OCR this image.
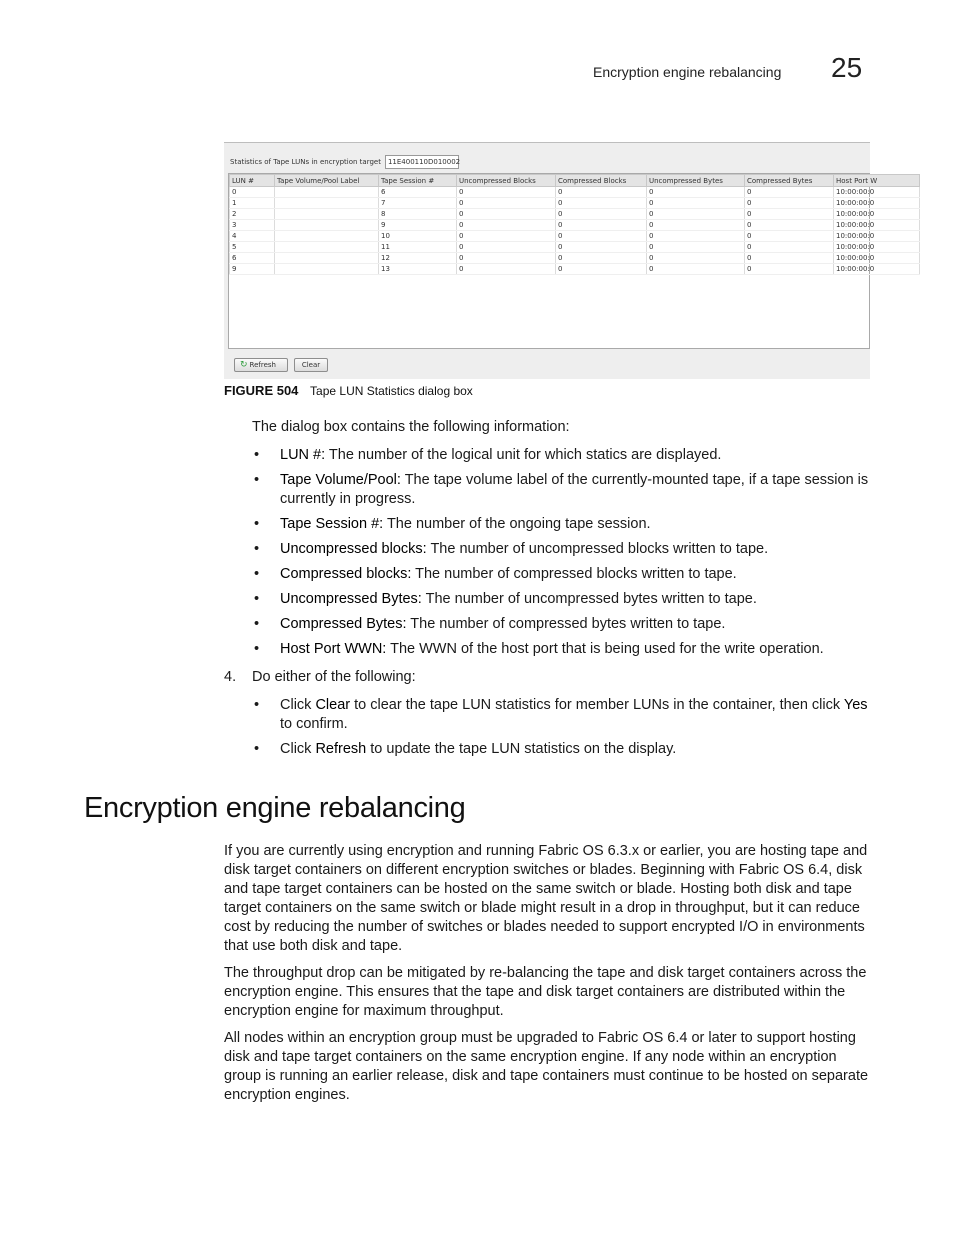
Encryption engine rebalancing 25
Statistics of Tape LUNs in encryption target	11E400110D010002
LUN #	Tape Volume/Pool Label	Tape Session #	Uncompressed Blocks	Compressed Blocks	Uncompressed Bytes	Compressed Bytes	Host Port W
0		6	0	0	0	0	10:00:00:0
1		7	0	0	0	0	10:00:00:0
2		8	0	0	0	0	10:00:00:0
3		9	0	0	0	0	10:00:00:0
4		10	0	0	0	0	10:00:00:0
5		11	0	0	0	0	10:00:00:0
6		12	0	0	0	0	10:00:00:0
9		13	0	0	0	0	10:00:00:0
↻ Refresh	Clear
FIGURE 504 Tape LUN Statistics dialog box
The dialog box contains the following information:
• LUN #: The number of the logical unit for which statics are displayed.
• Tape Volume/Pool: The tape volume label of the currently-mounted tape, if a tape session is currently in progress.
• Tape Session #: The number of the ongoing tape session.
• Uncompressed blocks: The number of uncompressed blocks written to tape.
• Compressed blocks: The number of compressed blocks written to tape.
• Uncompressed Bytes: The number of uncompressed bytes written to tape.
• Compressed Bytes: The number of compressed bytes written to tape.
• Host Port WWN: The WWN of the host port that is being used for the write operation.
4. Do either of the following:
• Click Clear to clear the tape LUN statistics for member LUNs in the container, then click Yes to confirm.
• Click Refresh to update the tape LUN statistics on the display.
Encryption engine rebalancing

If you are currently using encryption and running Fabric OS 6.3.x or earlier, you are hosting tape and disk target containers on different encryption switches or blades. Beginning with Fabric OS 6.4, disk and tape target containers can be hosted on the same switch or blade. Hosting both disk and tape target containers on the same switch or blade might result in a drop in throughput, but it can reduce cost by reducing the number of switches or blades needed to support encrypted I/O in environments that use both disk and tape.

The throughput drop can be mitigated by re-balancing the tape and disk target containers across the encryption engine. This ensures that the tape and disk target containers are distributed within the encryption engine for maximum throughput.

All nodes within an encryption group must be upgraded to Fabric OS 6.4 or later to support hosting disk and tape target containers on the same encryption engine. If any node within an encryption group is running an earlier release, disk and tape containers must continue to be hosted on separate encryption engines.
